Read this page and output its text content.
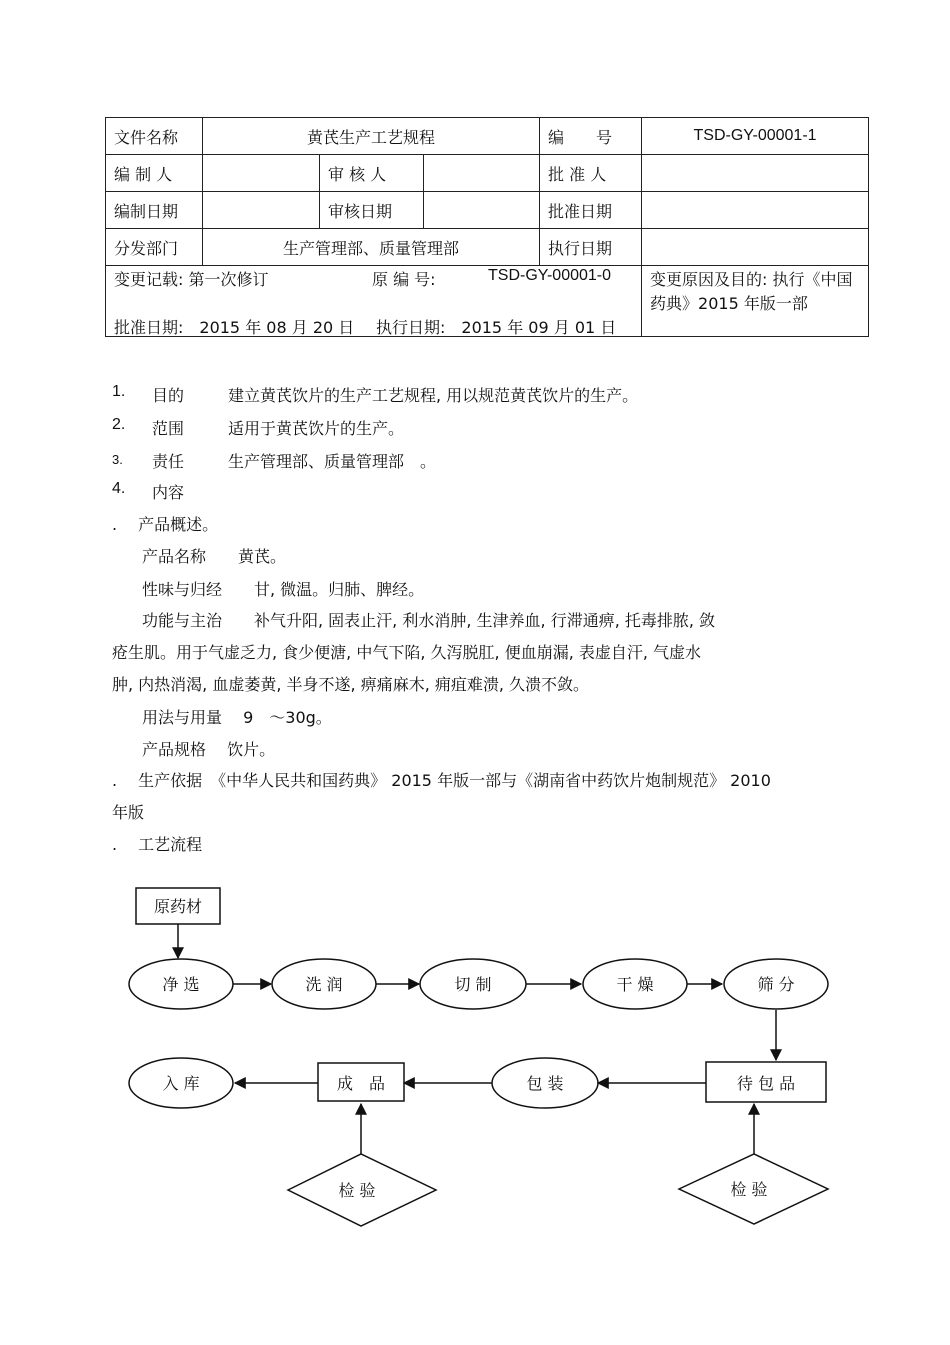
文件名称	黄芪生产工艺规程			编　　号	TSD-GY-00001-1
编 制 人		审 核 人		批 准 人	
编制日期		审核日期		批准日期	
分发部门	生产管理部、质量管理部			执行日期	

变更记载: 第一次修订 原 编 号: TSD-GY-00001-0
批准日期:　2015 年 08 月 20 日 执行日期:　2015 年 09 月 01 日					变更原因及目的: 执行《中国药典》2015 年版一部
1. 目的	建立黄芪饮片的生产工艺规程, 用以规范黄芪饮片的生产。
2. 范围	适用于黄芪饮片的生产。
3. 责任	生产管理部、质量管理部　。
4. 内容
.　 产品概述。
产品名称　　黄芪。
性味与归经　　甘, 微温。归肺、脾经。
功能与主治　　补气升阳, 固表止汗, 利水消肿, 生津养血, 行滞通痹, 托毒排脓, 敛
疮生肌。用于气虚乏力, 食少便溏, 中气下陷, 久泻脱肛, 便血崩漏, 表虚自汗, 气虚水
肿, 内热消渴, 血虚萎黄, 半身不遂, 痹痛麻木, 痈疽难溃, 久溃不敛。
用法与用量　 9　～30g。
产品规格　 饮片。
.　 生产依据　《中华人民共和国药典》 2015 年版一部与《湖南省中药饮片炮制规范》 2010
年版
.　 工艺流程
原药材
净 选	洗 润	切 制	干 燥	筛 分
待 包 品
包 装
成　品
入 库
检 验	检 验
